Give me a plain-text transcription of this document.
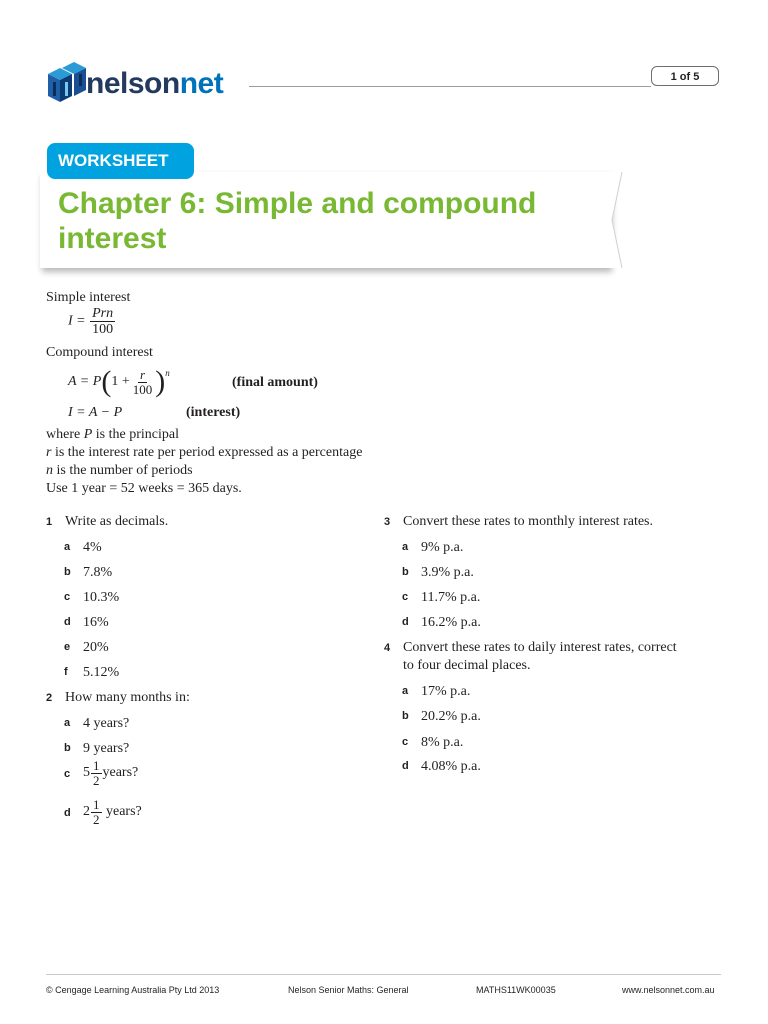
nelsonnet	1 of 5
WORKSHEET
Chapter 6: Simple and compound
interest
Simple interest
$I = \frac{\text{Prn}}{100}$
Compound interest
A = P ( $1 + \frac{r}{100}$ ) $^n$
(final amount)
I = A − P	(interest)
where P is the principal
r is the interest rate per period expressed as a percentage
n is the number of periods
Use 1 year = 52 weeks = 365 days.
1 Write as decimals.
a 4%
b 7.8%
c 10.3%
d 16%
e 20%
f 5.12%
2 How many months in:
a 4 years?
b 9 years?
c $5 \frac{1}{2}$ years?
d $2 \frac{1}{2}$ years?
3 Convert these rates to monthly interest rates.
a 9% p.a.
b 3.9% p.a.
c 11.7% p.a.
d 16.2% p.a.
4 Convert these rates to daily interest rates, correct
to four decimal places.
a 17% p.a.
b 20.2% p.a.
c 8% p.a.
d 4.08% p.a.
© Cengage Learning Australia Pty Ltd 2013	Nelson Senior Maths: General	MATHS11WK00035	www.nelsonnet.com.au
